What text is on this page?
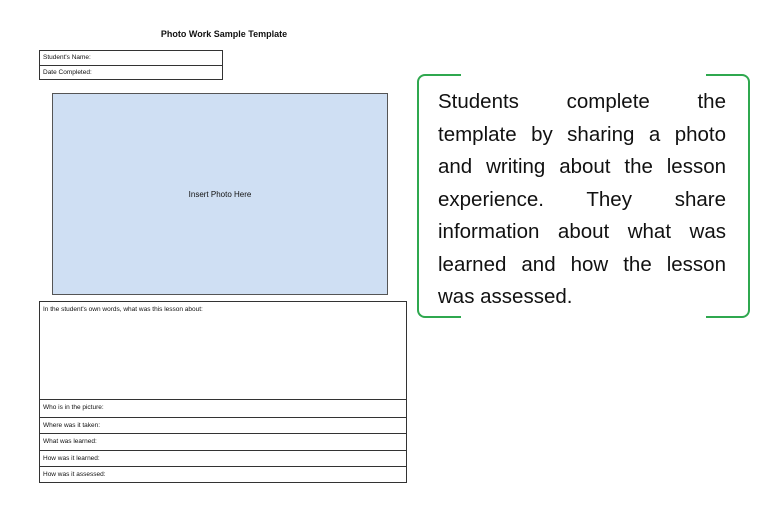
Photo Work Sample Template
Student's Name:
Date Completed:
Insert Photo Here
In the student's own words, what was this lesson about:
Who is in the picture:
Where was it taken:
What was learned:
How was it learned:
How was it assessed:

Students complete the template by sharing a photo and writing about the lesson experience. They share information about what was learned and how the lesson was assessed.
